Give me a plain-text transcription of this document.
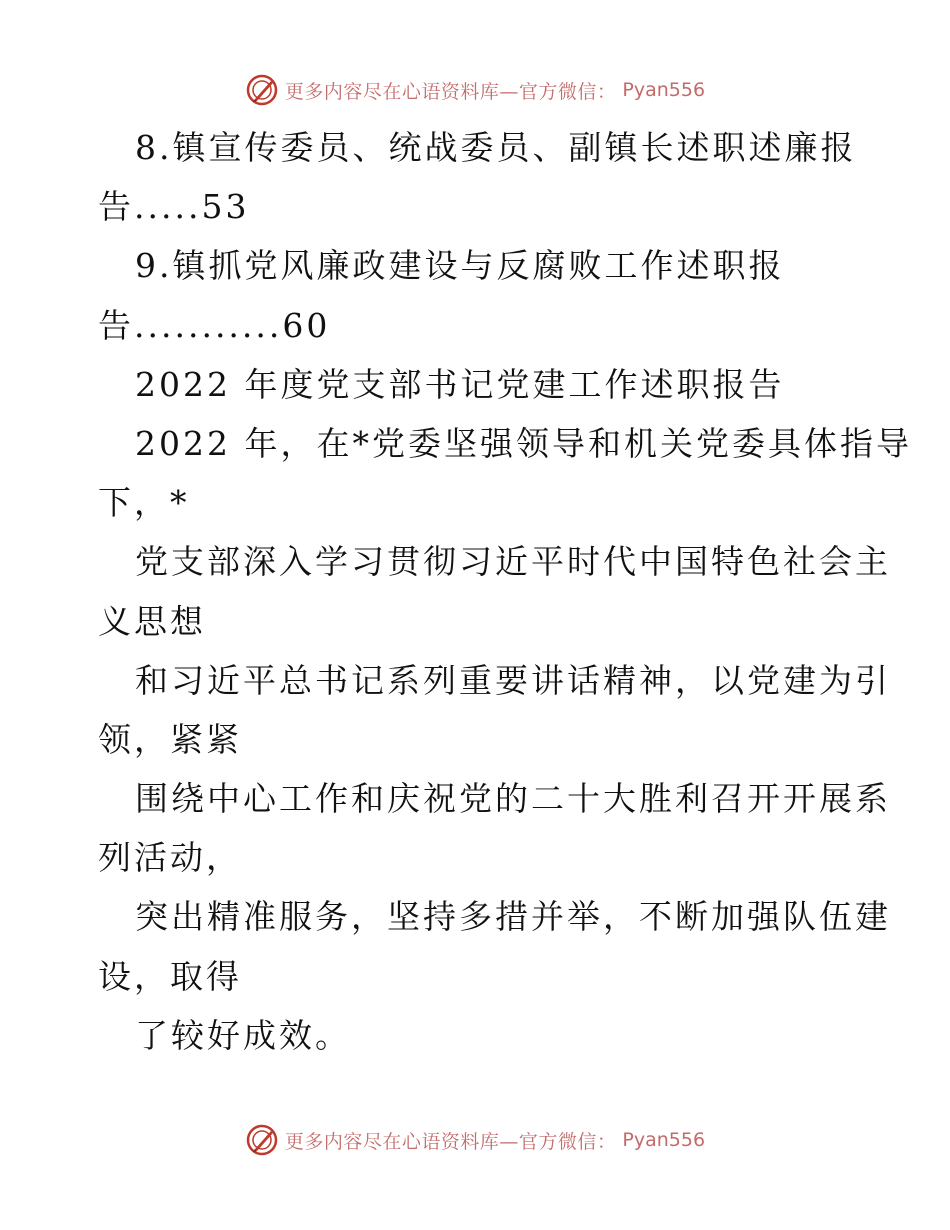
更多内容尽在心语资料库—官方微信： Pyan556
8.镇宣传委员、统战委员、副镇长述职述廉报
告.....53
9.镇抓党风廉政建设与反腐败工作述职报
告...........60
2022 年度党支部书记党建工作述职报告
2022 年，在*党委坚强领导和机关党委具体指导
下，*
党支部深入学习贯彻习近平时代中国特色社会主
义思想
和习近平总书记系列重要讲话精神，以党建为引
领，紧紧
围绕中心工作和庆祝党的二十大胜利召开开展系
列活动，
突出精准服务，坚持多措并举，不断加强队伍建
设，取得
了较好成效。
更多内容尽在心语资料库—官方微信： Pyan556
